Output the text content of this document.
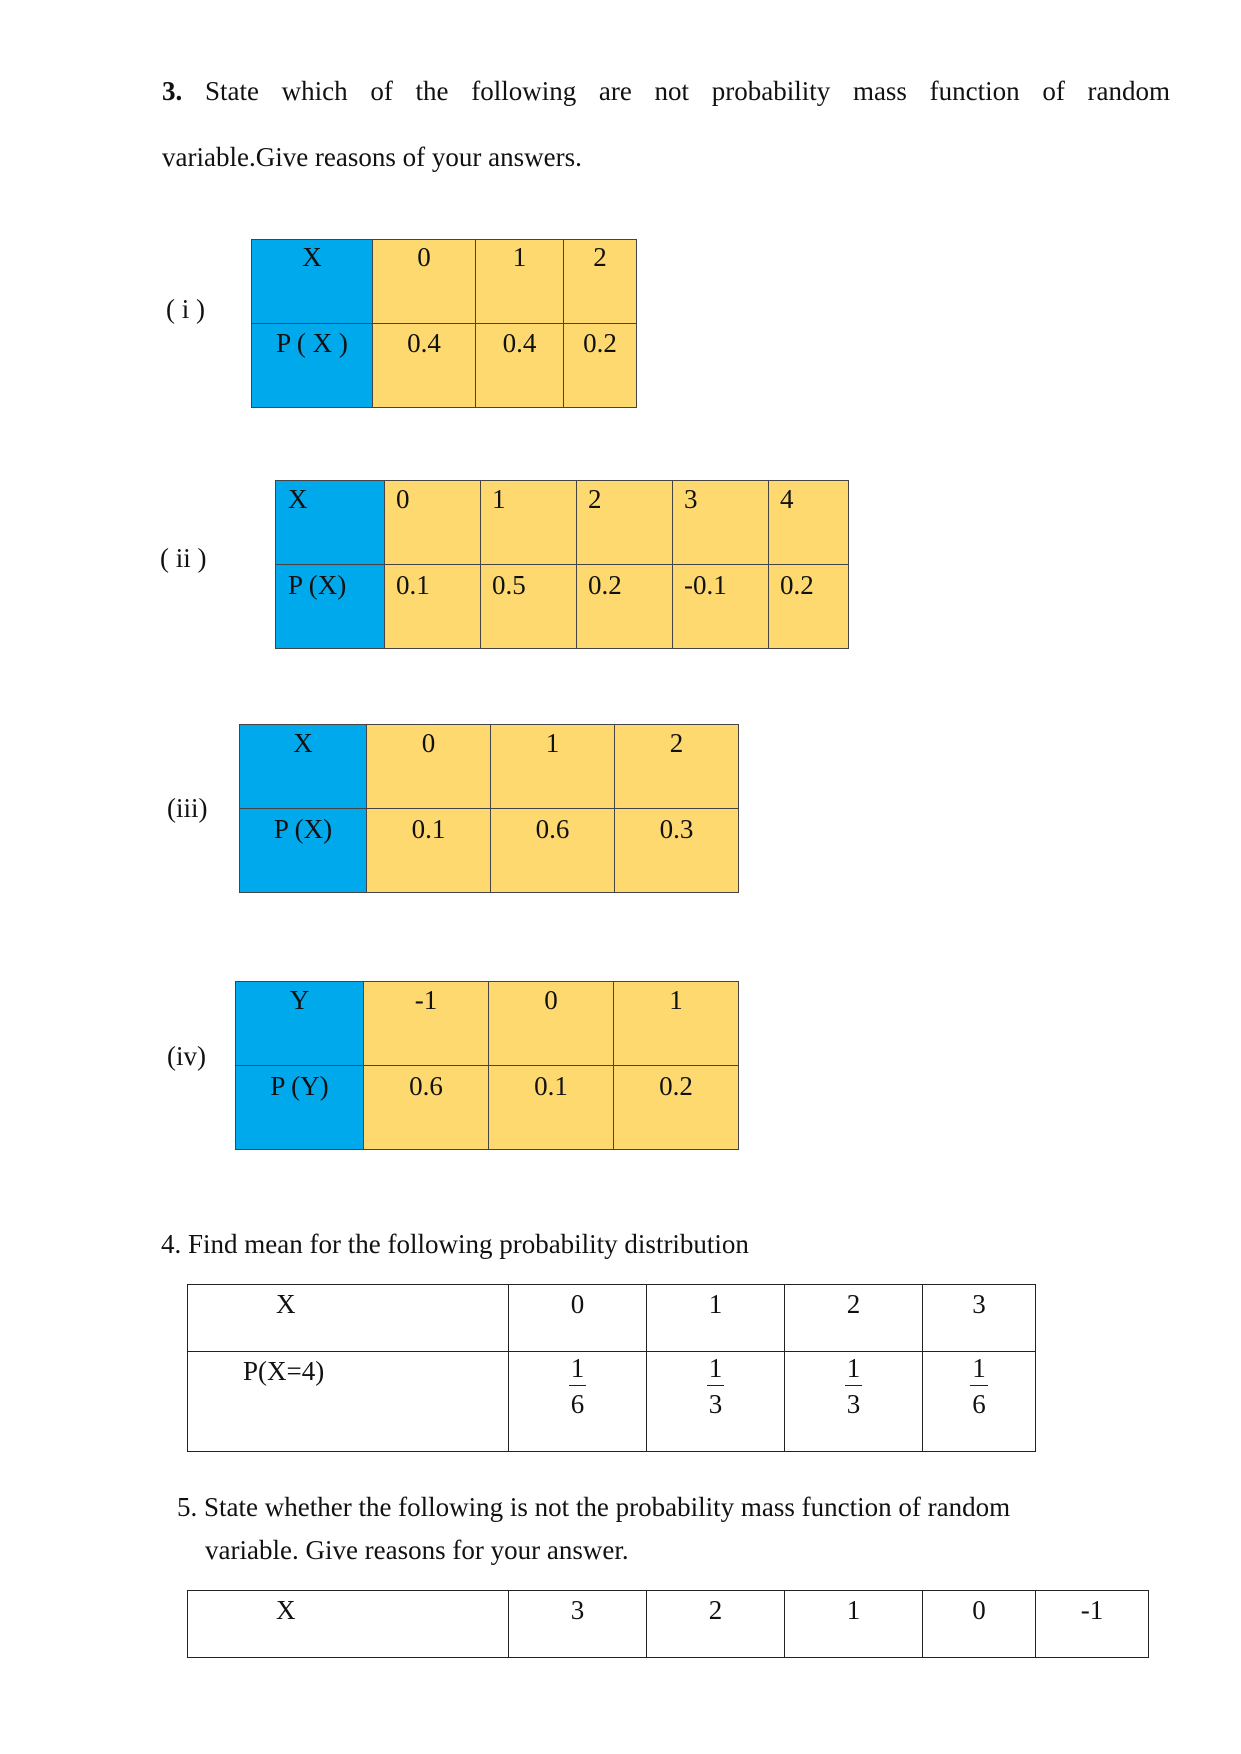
3. State which of the following are not probability mass function of random
variable.Give reasons of your answers.
( i )
X	0	1	2
P ( X )	0.4	0.4	0.2
( ii )
X	0	1	2	3	4
P (X)	0.1	0.5	0.2	-0.1	0.2
(iii)
X	0	1	2
P (X)	0.1	0.6	0.3
(iv)
Y	-1	0	1
P (Y)	0.6	0.1	0.2
4. Find mean for the following probability distribution
X	0	1	2	3
P(X=4)	$\frac{1}{6}$	$\frac{1}{3}$	$\frac{1}{3}$	$\frac{1}{6}$
5. State whether the following is not the probability mass function of random
variable. Give reasons for your answer.
X	3	2	1	0	-1
